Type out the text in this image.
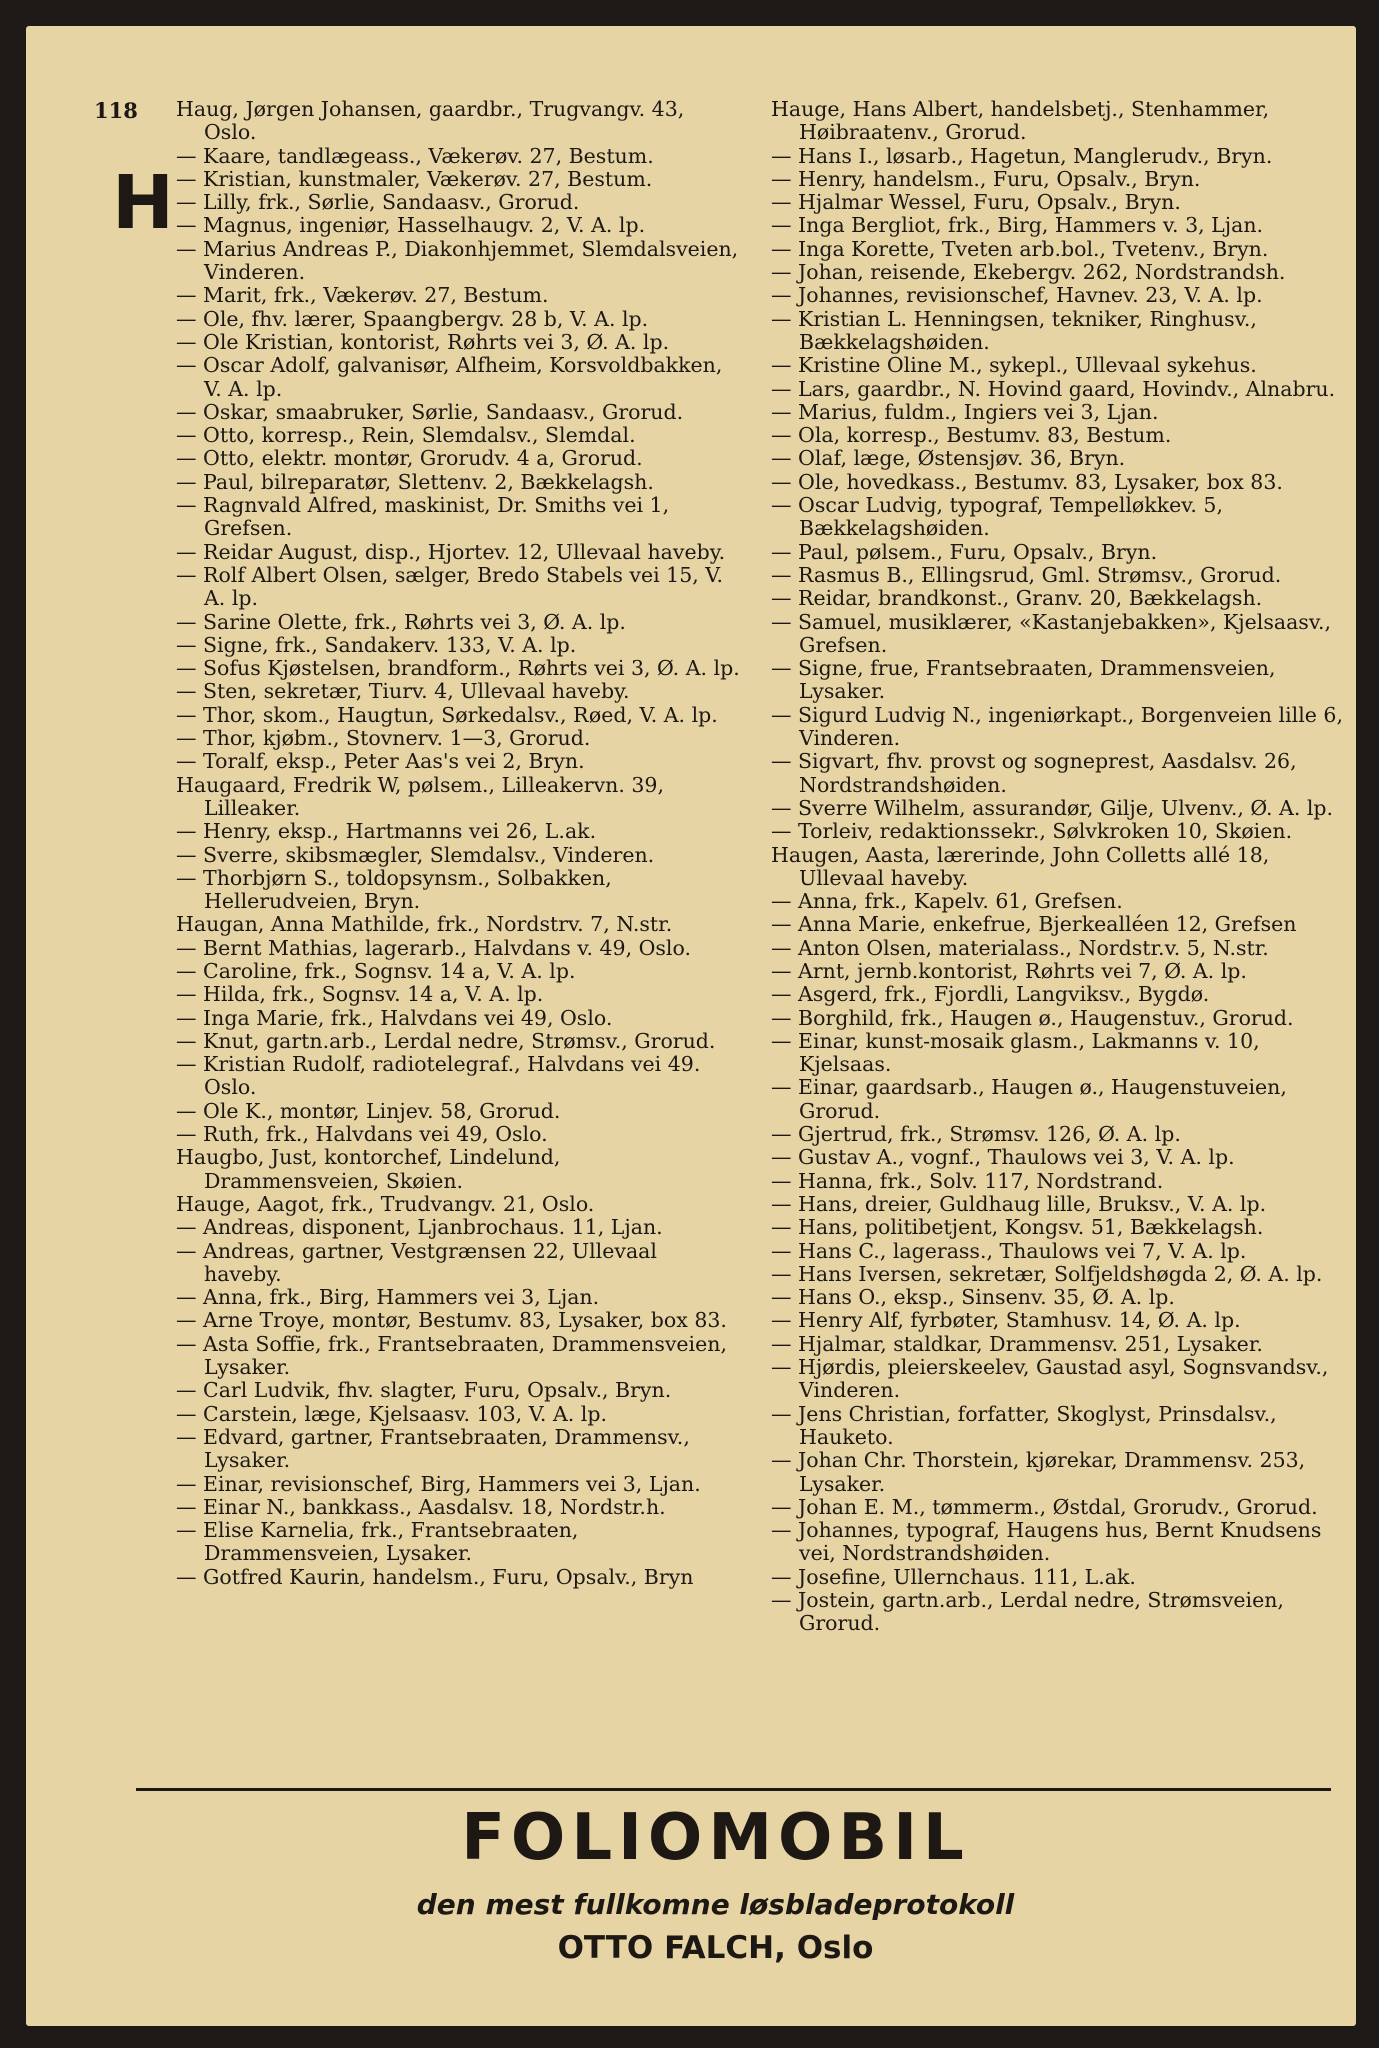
118
H

Haug, Jørgen Johansen, gaardbr., Trugvangv. 43, Oslo.

— Kaare, tandlægeass., Vækerøv. 27, Bestum.

— Kristian, kunstmaler, Vækerøv. 27, Bestum.

— Lilly, frk., Sørlie, Sandaasv., Grorud.

— Magnus, ingeniør, Hasselhaugv. 2, V. A. lp.

— Marius Andreas P., Diakonhjemmet, Slemdalsveien, Vinderen.

— Marit, frk., Vækerøv. 27, Bestum.

— Ole, fhv. lærer, Spaangbergv. 28 b, V. A. lp.

— Ole Kristian, kontorist, Røhrts vei 3, Ø. A. lp.

— Oscar Adolf, galvanisør, Alfheim, Korsvoldbakken, V. A. lp.

— Oskar, smaabruker, Sørlie, Sandaasv., Grorud.

— Otto, korresp., Rein, Slemdalsv., Slemdal.

— Otto, elektr. montør, Grorudv. 4 a, Grorud.

— Paul, bilreparatør, Slettenv. 2, Bækkelagsh.

— Ragnvald Alfred, maskinist, Dr. Smiths vei 1, Grefsen.

— Reidar August, disp., Hjortev. 12, Ullevaal haveby.

— Rolf Albert Olsen, sælger, Bredo Stabels vei 15, V. A. lp.

— Sarine Olette, frk., Røhrts vei 3, Ø. A. lp.

— Signe, frk., Sandakerv. 133, V. A. lp.

— Sofus Kjøstelsen, brandform., Røhrts vei 3, Ø. A. lp.

— Sten, sekretær, Tiurv. 4, Ullevaal haveby.

— Thor, skom., Haugtun, Sørkedalsv., Røed, V. A. lp.

— Thor, kjøbm., Stovnerv. 1—3, Grorud.

— Toralf, eksp., Peter Aas's vei 2, Bryn.

Haugaard, Fredrik W, pølsem., Lilleakervn. 39, Lilleaker.

— Henry, eksp., Hartmanns vei 26, L.ak.

— Sverre, skibsmægler, Slemdalsv., Vinderen.

— Thorbjørn S., toldopsynsm., Solbakken, Hellerudveien, Bryn.

Haugan, Anna Mathilde, frk., Nordstrv. 7, N.str.

— Bernt Mathias, lagerarb., Halvdans v. 49, Oslo.

— Caroline, frk., Sognsv. 14 a, V. A. lp.

— Hilda, frk., Sognsv. 14 a, V. A. lp.

— Inga Marie, frk., Halvdans vei 49, Oslo.

— Knut, gartn.arb., Lerdal nedre, Strømsv., Grorud.

— Kristian Rudolf, radiotelegraf., Halvdans vei 49. Oslo.

— Ole K., montør, Linjev. 58, Grorud.

— Ruth, frk., Halvdans vei 49, Oslo.

Haugbo, Just, kontorchef, Lindelund, Drammensveien, Skøien.

Hauge, Aagot, frk., Trudvangv. 21, Oslo.

— Andreas, disponent, Ljanbrochaus. 11, Ljan.

— Andreas, gartner, Vestgrænsen 22, Ullevaal haveby.

— Anna, frk., Birg, Hammers vei 3, Ljan.

— Arne Troye, montør, Bestumv. 83, Lysaker, box 83.

— Asta Soffie, frk., Frantsebraaten, Drammensveien, Lysaker.

— Carl Ludvik, fhv. slagter, Furu, Opsalv., Bryn.

— Carstein, læge, Kjelsaasv. 103, V. A. lp.

— Edvard, gartner, Frantsebraaten, Drammensv., Lysaker.

— Einar, revisionschef, Birg, Hammers vei 3, Ljan.

— Einar N., bankkass., Aasdalsv. 18, Nordstr.h.

— Elise Karnelia, frk., Frantsebraaten, Drammensveien, Lysaker.

— Gotfred Kaurin, handelsm., Furu, Opsalv., Bryn

Hauge, Hans Albert, handelsbetj., Stenhammer, Høibraatenv., Grorud.

— Hans I., løsarb., Hagetun, Manglerudv., Bryn.

— Henry, handelsm., Furu, Opsalv., Bryn.

— Hjalmar Wessel, Furu, Opsalv., Bryn.

— Inga Bergliot, frk., Birg, Hammers v. 3, Ljan.

— Inga Korette, Tveten arb.bol., Tvetenv., Bryn.

— Johan, reisende, Ekebergv. 262, Nordstrandsh.

— Johannes, revisionschef, Havnev. 23, V. A. lp.

— Kristian L. Henningsen, tekniker, Ringhusv., Bækkelagshøiden.

— Kristine Oline M., sykepl., Ullevaal sykehus.

— Lars, gaardbr., N. Hovind gaard, Hovindv., Alnabru.

— Marius, fuldm., Ingiers vei 3, Ljan.

— Ola, korresp., Bestumv. 83, Bestum.

— Olaf, læge, Østensjøv. 36, Bryn.

— Ole, hovedkass., Bestumv. 83, Lysaker, box 83.

— Oscar Ludvig, typograf, Tempelløkkev. 5, Bækkelagshøiden.

— Paul, pølsem., Furu, Opsalv., Bryn.

— Rasmus B., Ellingsrud, Gml. Strømsv., Grorud.

— Reidar, brandkonst., Granv. 20, Bækkelagsh.

— Samuel, musiklærer, «Kastanjebakken», Kjelsaasv., Grefsen.

— Signe, frue, Frantsebraaten, Drammensveien, Lysaker.

— Sigurd Ludvig N., ingeniørkapt., Borgenveien lille 6, Vinderen.

— Sigvart, fhv. provst og sogneprest, Aasdalsv. 26, Nordstrandshøiden.

— Sverre Wilhelm, assurandør, Gilje, Ulvenv., Ø. A. lp.

— Torleiv, redaktionssekr., Sølvkroken 10, Skøien.

Haugen, Aasta, lærerinde, John Colletts allé 18, Ullevaal haveby.

— Anna, frk., Kapelv. 61, Grefsen.

— Anna Marie, enkefrue, Bjerkealléen 12, Grefsen

— Anton Olsen, materialass., Nordstr.v. 5, N.str.

— Arnt, jernb.kontorist, Røhrts vei 7, Ø. A. lp.

— Asgerd, frk., Fjordli, Langviksv., Bygdø.

— Borghild, frk., Haugen ø., Haugenstuv., Grorud.

— Einar, kunst-mosaik glasm., Lakmanns v. 10, Kjelsaas.

— Einar, gaardsarb., Haugen ø., Haugenstuveien, Grorud.

— Gjertrud, frk., Strømsv. 126, Ø. A. lp.

— Gustav A., vognf., Thaulows vei 3, V. A. lp.

— Hanna, frk., Solv. 117, Nordstrand.

— Hans, dreier, Guldhaug lille, Bruksv., V. A. lp.

— Hans, politibetjent, Kongsv. 51, Bækkelagsh.

— Hans C., lagerass., Thaulows vei 7, V. A. lp.

— Hans Iversen, sekretær, Solfjeldshøgda 2, Ø. A. lp.

— Hans O., eksp., Sinsenv. 35, Ø. A. lp.

— Henry Alf, fyrbøter, Stamhusv. 14, Ø. A. lp.

— Hjalmar, staldkar, Drammensv. 251, Lysaker.

— Hjørdis, pleierskeelev, Gaustad asyl, Sognsvandsv., Vinderen.

— Jens Christian, forfatter, Skoglyst, Prinsdalsv., Hauketo.

— Johan Chr. Thorstein, kjørekar, Drammensv. 253, Lysaker.

— Johan E. M., tømmerm., Østdal, Grorudv., Grorud.

— Johannes, typograf, Haugens hus, Bernt Knudsens vei, Nordstrandshøiden.

— Josefine, Ullernchaus. 111, L.ak.

— Jostein, gartn.arb., Lerdal nedre, Strømsveien, Grorud.

FOLIOMOBIL
den mest fullkomne løsbladeprotokoll
OTTO FALCH, Oslo
